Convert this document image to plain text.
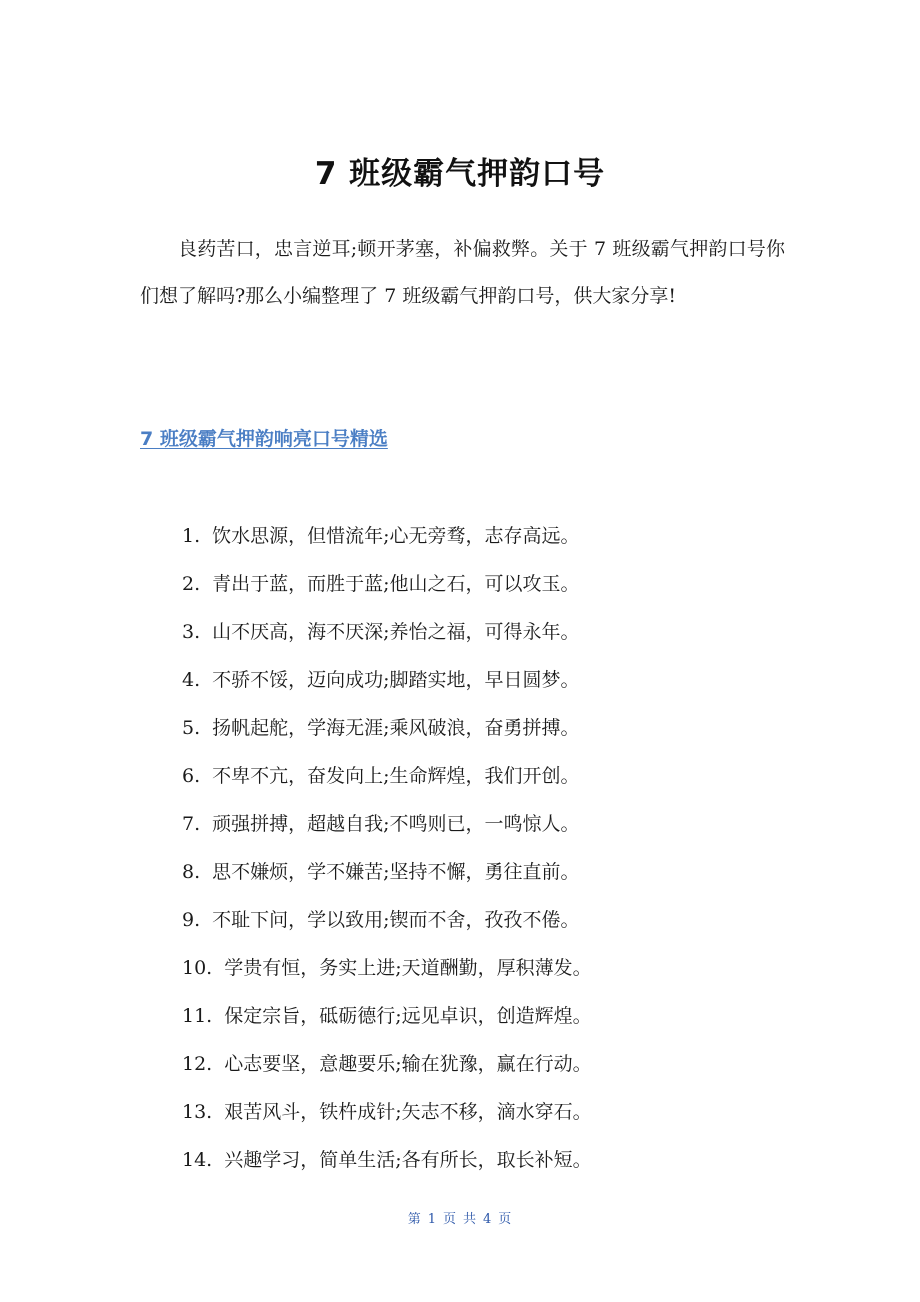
7 班级霸气押韵口号

良药苦口，忠言逆耳;顿开茅塞，补偏救弊。关于 7 班级霸气押韵口号你们想了解吗?那么小编整理了 7 班级霸气押韵口号，供大家分享!

7 班级霸气押韵响亮口号精选
1. 饮水思源，但惜流年;心无旁骛，志存高远。
2. 青出于蓝，而胜于蓝;他山之石，可以攻玉。
3. 山不厌高，海不厌深;养怡之福，可得永年。
4. 不骄不馁，迈向成功;脚踏实地，早日圆梦。
5. 扬帆起舵，学海无涯;乘风破浪，奋勇拼搏。
6. 不卑不亢，奋发向上;生命辉煌，我们开创。
7. 顽强拼搏，超越自我;不鸣则已，一鸣惊人。
8. 思不嫌烦，学不嫌苦;坚持不懈，勇往直前。
9. 不耻下问，学以致用;锲而不舍，孜孜不倦。
10. 学贵有恒，务实上进;天道酬勤，厚积薄发。
11. 保定宗旨，砥砺德行;远见卓识，创造辉煌。
12. 心志要坚，意趣要乐;输在犹豫，赢在行动。
13. 艰苦风斗，铁杵成针;矢志不移，滴水穿石。
14. 兴趣学习，简单生活;各有所长，取长补短。
第 1 页 共 4 页
